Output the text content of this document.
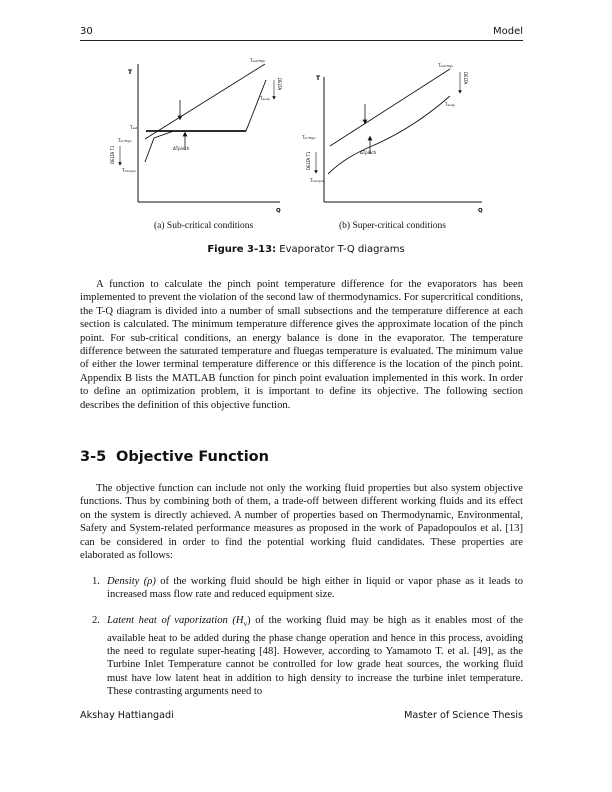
30	Model
T
Q
Tout/Tfg/i
Tevap
Tsat
Tin/Tfg/o
Tmin/pin
ΔTpinch
DELTA
DELTA T1
T
Q
Tout/Tfg/i
Tevap
Tin/Tfg/o
Tmin/pin
ΔTpinch
DELTA
DELTA T1
(a) Sub-critical conditions	(b) Super-critical conditions
Figure 3-13: Evaporator T-Q diagrams
A function to calculate the pinch point temperature difference for the evaporators has been implemented to prevent the violation of the second law of thermodynamics. For supercritical conditions, the T-Q diagram is divided into a number of small subsections and the temperature difference at each section is calculated. The minimum temperature difference gives the approximate location of the pinch point. For sub-critical conditions, an energy balance is done in the evaporator. The temperature difference between the saturated temperature and fluegas temperature is evaluated. The minimum value of either the lower terminal temperature difference or this difference is the location of the pinch point. Appendix B lists the MATLAB function for pinch point evaluation implemented in this work. In order to define an optimization problem, it is important to define its objective. The following section describes the definition of this objective function.
3-5 Objective Function
The objective function can include not only the working fluid properties but also system objective functions. Thus by combining both of them, a trade-off between different working fluids and its effect on the system is directly achieved. A number of properties based on Thermodynamic, Environmental, Safety and System-related performance measures as proposed in the work of Papadopoulos et al. [13] can be considered in order to find the potential working fluid candidates. These properties are elaborated as follows:
1. Density (ρ) of the working fluid should be high either in liquid or vapor phase as it leads to increased mass flow rate and reduced equipment size.
2. Latent heat of vaporization $(H_v)$ of the working fluid may be high as it enables most of the available heat to be added during the phase change operation and hence in this process, avoiding the need to regulate super-heating [48]. However, according to Yamamoto T. et al. [49], as the Turbine Inlet Temperature cannot be controlled for low grade heat sources, the working fluid must have low latent heat in addition to high density to increase the turbine inlet temperature. These contrasting arguments need to
Akshay Hattiangadi	Master of Science Thesis
